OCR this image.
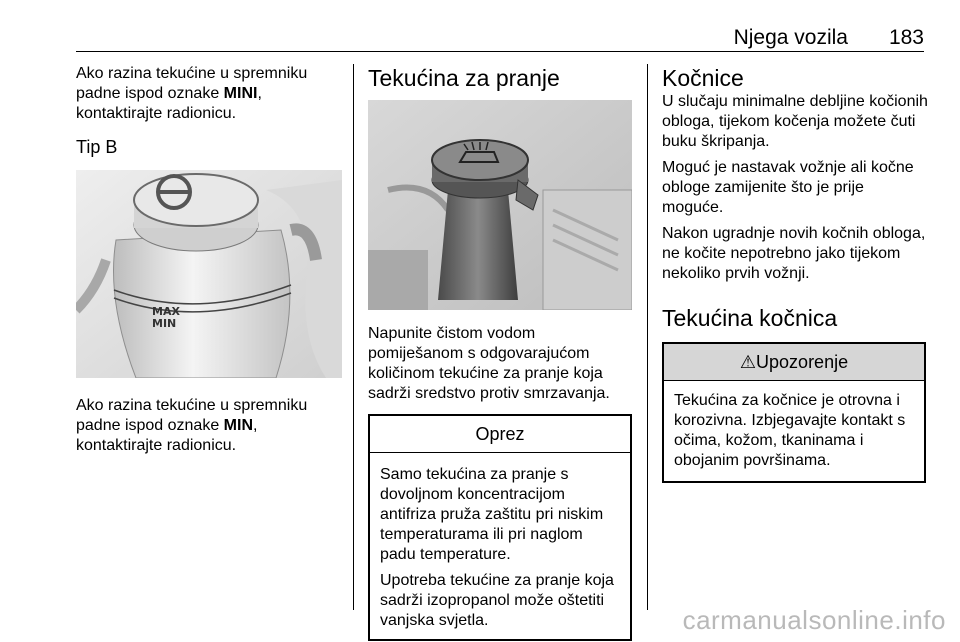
Njega vozila 183

Ako razina tekućine u spremniku padne ispod oznake MINI, kontaktirajte radionicu.

Tip B
MAX
MIN

Ako razina tekućine u spremniku padne ispod oznake MIN, kontaktirajte radionicu.

Tekućina za pranje

Napunite čistom vodom pomiješanom s odgovarajućom količinom tekućine za pranje koja sadrži sredstvo protiv smrzavanja.

Oprez

Samo tekućina za pranje s dovoljnom koncentracijom antifriza pruža zaštitu pri niskim temperaturama ili pri naglom padu temperature.

Upotreba tekućine za pranje koja sadrži izopropanol može oštetiti vanjska svjetla.

Kočnice

U slučaju minimalne debljine kočionih obloga, tijekom kočenja možete čuti buku škripanja.

Moguć je nastavak vožnje ali kočne obloge zamijenite što je prije moguće.

Nakon ugradnje novih kočnih obloga, ne kočite nepotrebno jako tijekom nekoliko prvih vožnji.

Tekućina kočnica
⚠Upozorenje

Tekućina za kočnice je otrovna i korozivna. Izbjegavajte kontakt s očima, kožom, tkaninama i obojanim površinama.

carmanualsonline.info
